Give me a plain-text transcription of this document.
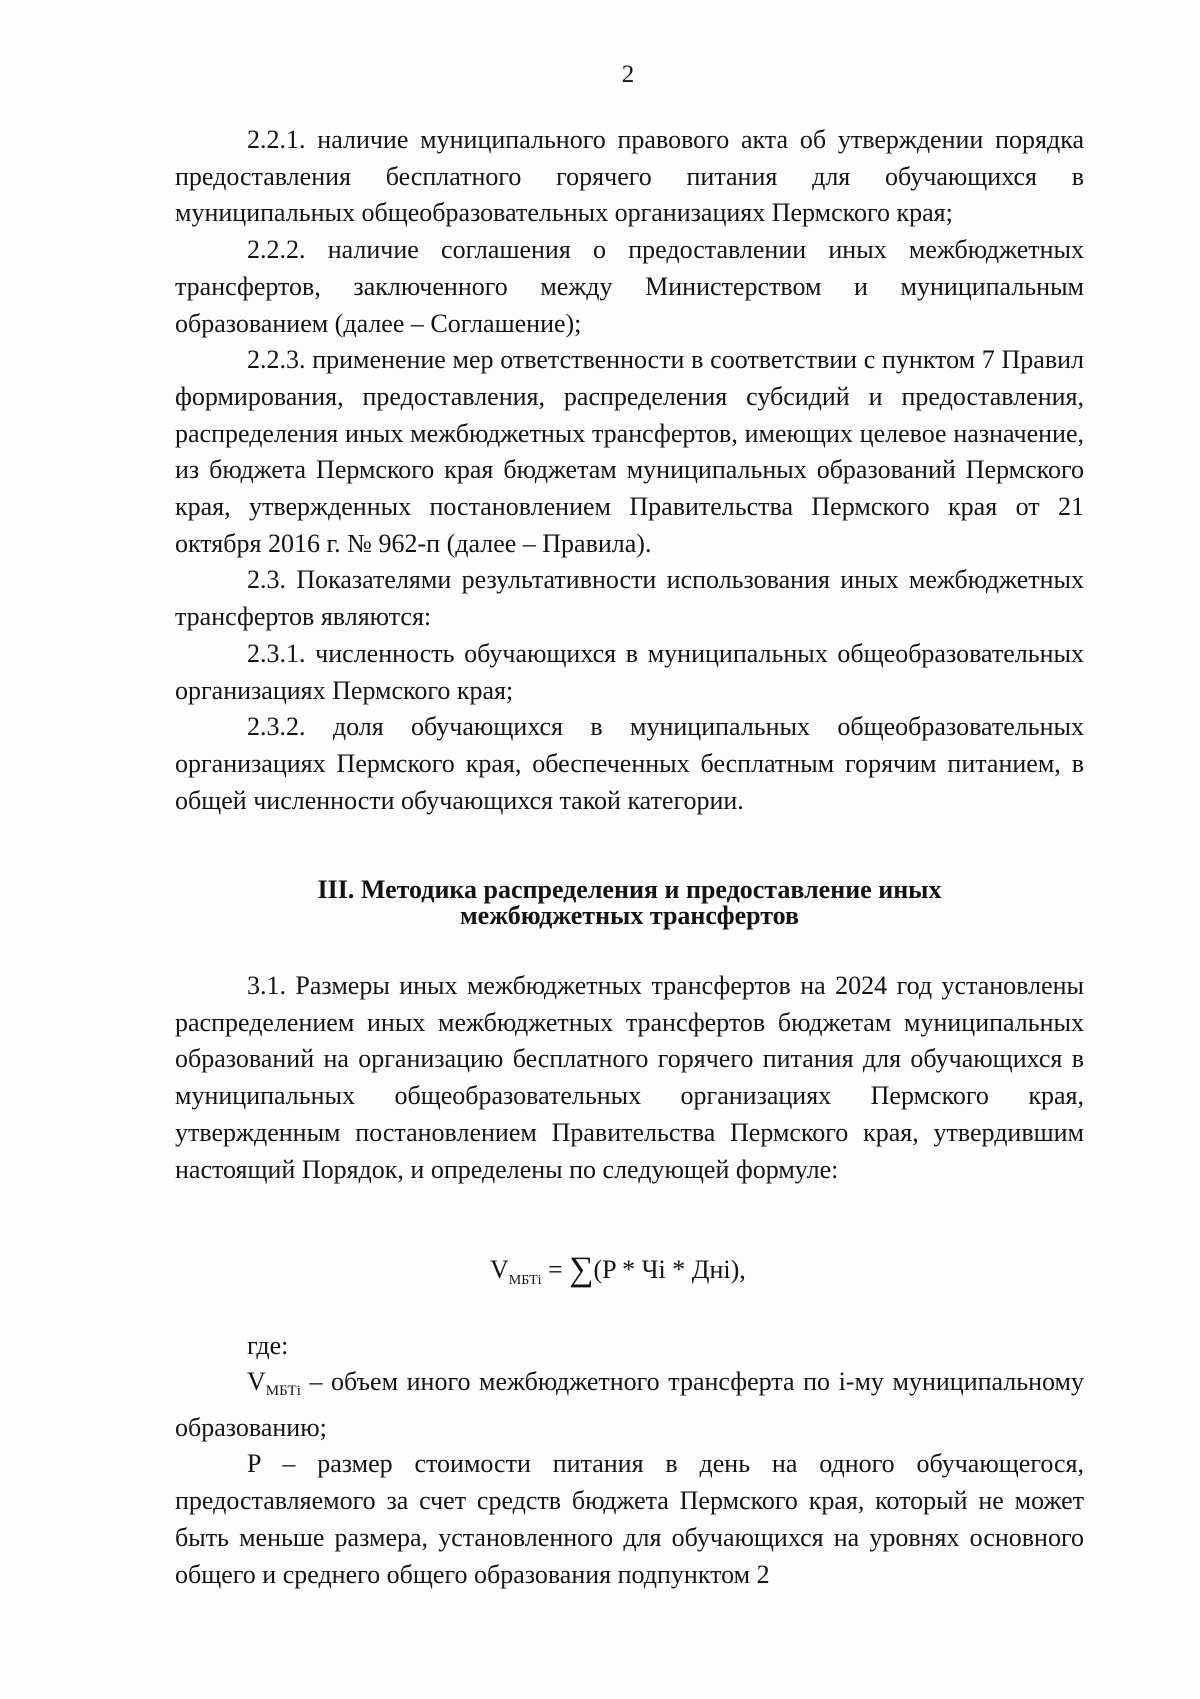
2

2.2.1. наличие муниципального правового акта об утверждении порядка предоставления бесплатного горячего питания для обучающихся в муниципальных общеобразовательных организациях Пермского края;

2.2.2. наличие соглашения о предоставлении иных межбюджетных трансфертов, заключенного между Министерством и муниципальным образованием (далее – Соглашение);

2.2.3. применение мер ответственности в соответствии с пунктом 7 Правил формирования, предоставления, распределения субсидий и предоставления, распределения иных межбюджетных трансфертов, имеющих целевое назначение, из бюджета Пермского края бюджетам муниципальных образований Пермского края, утвержденных постановлением Правительства Пермского края от 21 октября 2016 г. № 962-п (далее – Правила).

2.3. Показателями результативности использования иных межбюджетных трансфертов являются:

2.3.1. численность обучающихся в муниципальных общеобразовательных организациях Пермского края;

2.3.2. доля обучающихся в муниципальных общеобразовательных организациях Пермского края, обеспеченных бесплатным горячим питанием, в общей численности обучающихся такой категории.

III. Методика распределения и предоставление иных
межбюджетных трансфертов

3.1. Размеры иных межбюджетных трансфертов на 2024 год установлены распределением иных межбюджетных трансфертов бюджетам муниципальных образований на организацию бесплатного горячего питания для обучающихся в муниципальных общеобразовательных организациях Пермского края, утвержденным постановлением Правительства Пермского края, утвердившим настоящий Порядок, и определены по следующей формуле:

$V_{МБТi} = \sum(P$ * Чi * Днi),
где:

$V_{МБТi}$ – объем иного межбюджетного трансферта по i-му муниципальному образованию;

P – размер стоимости питания в день на одного обучающегося, предоставляемого за счет средств бюджета Пермского края, который не может быть меньше размера, установленного для обучающихся на уровнях основного общего и среднего общего образования подпунктом 2
